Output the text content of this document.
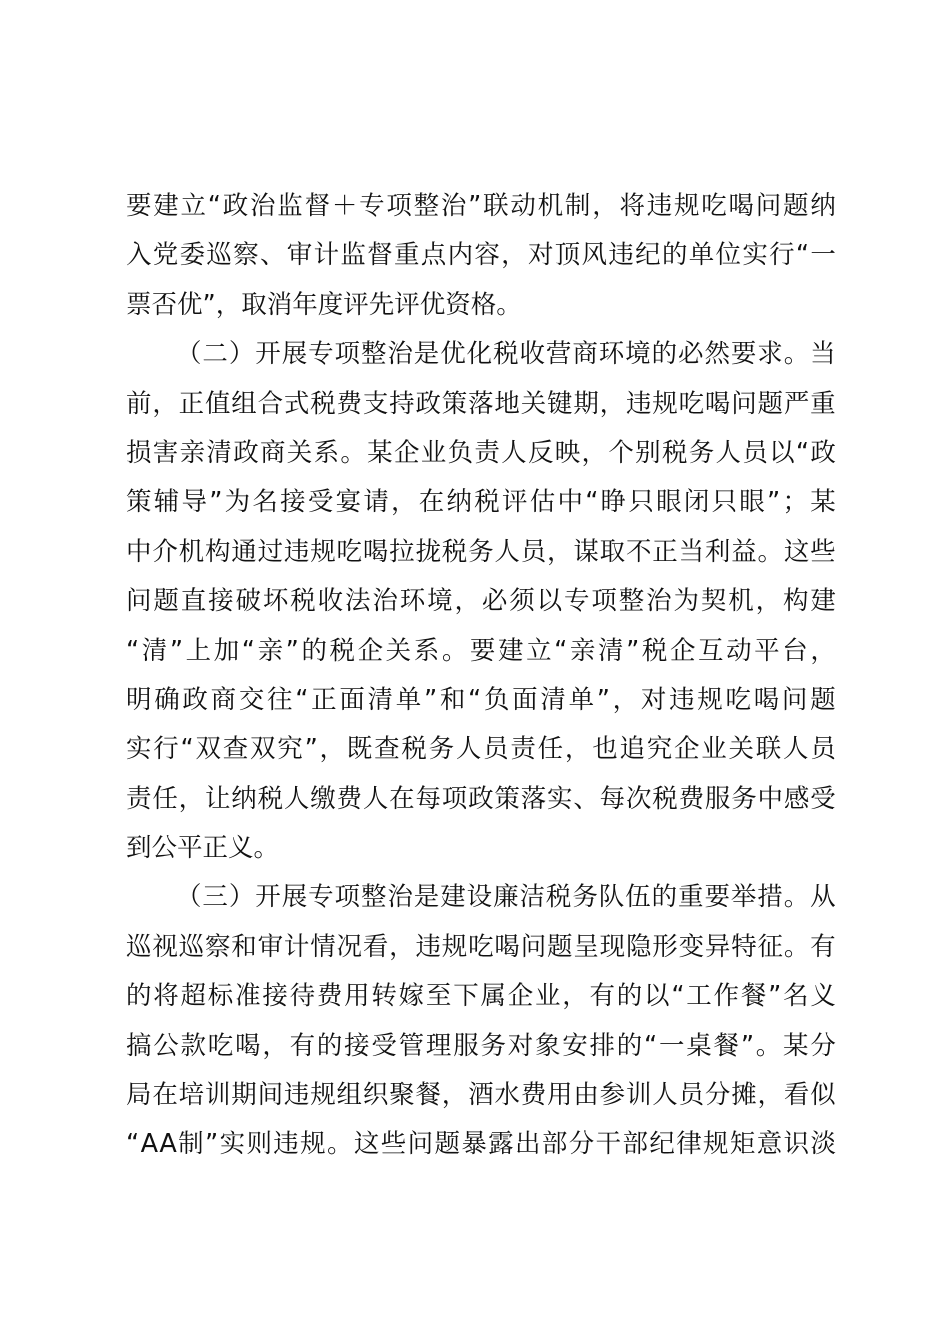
要 建 立 “ 政 治 监 督 ＋ 专 项 整 治 ” 联 动 机 制 ， 将 违 规 吃 喝 问 题 纳
入 党 委 巡 察 、 审 计 监 督 重 点 内 容 ， 对 顶 风 违 纪 的 单 位 实 行 “ 一
票否优”，取消年度评先评优资格。
（ 二 ） 开 展 专 项 整 治 是 优 化 税 收 营 商 环 境 的 必 然 要 求 。 当
前 ， 正 值 组 合 式 税 费 支 持 政 策 落 地 关 键 期 ， 违 规 吃 喝 问 题 严 重
损 害 亲 清 政 商 关 系 。 某 企 业 负 责 人 反 映 ， 个 别 税 务 人 员 以 “ 政
策 辅 导 ” 为 名 接 受 宴 请 ， 在 纳 税 评 估 中 “ 睁 只 眼 闭 只 眼 ” ； 某
中 介 机 构 通 过 违 规 吃 喝 拉 拢 税 务 人 员 ， 谋 取 不 正 当 利 益 。 这 些
问 题 直 接 破 坏 税 收 法 治 环 境 ， 必 须 以 专 项 整 治 为 契 机 ， 构 建
“ 清 ” 上 加 “ 亲 ” 的 税 企 关 系 。 要 建 立 “ 亲 清 ” 税 企 互 动 平 台 ，
明 确 政 商 交 往 “ 正 面 清 单 ” 和 “ 负 面 清 单 ” ， 对 违 规 吃 喝 问 题
实 行 “ 双 查 双 究 ” ， 既 查 税 务 人 员 责 任 ， 也 追 究 企 业 关 联 人 员
责 任 ， 让 纳 税 人 缴 费 人 在 每 项 政 策 落 实 、 每 次 税 费 服 务 中 感 受
到公平正义。
（ 三 ） 开 展 专 项 整 治 是 建 设 廉 洁 税 务 队 伍 的 重 要 举 措 。 从
巡 视 巡 察 和 审 计 情 况 看 ， 违 规 吃 喝 问 题 呈 现 隐 形 变 异 特 征 。 有
的 将 超 标 准 接 待 费 用 转 嫁 至 下 属 企 业 ， 有 的 以 “ 工 作 餐 ” 名 义
搞 公 款 吃 喝 ， 有 的 接 受 管 理 服 务 对 象 安 排 的 “ 一 桌 餐 ” 。 某 分
局 在 培 训 期 间 违 规 组 织 聚 餐 ， 酒 水 费 用 由 参 训 人 员 分 摊 ， 看 似
“ A A 制 ” 实 则 违 规 。 这 些 问 题 暴 露 出 部 分 干 部 纪 律 规 矩 意 识 淡
